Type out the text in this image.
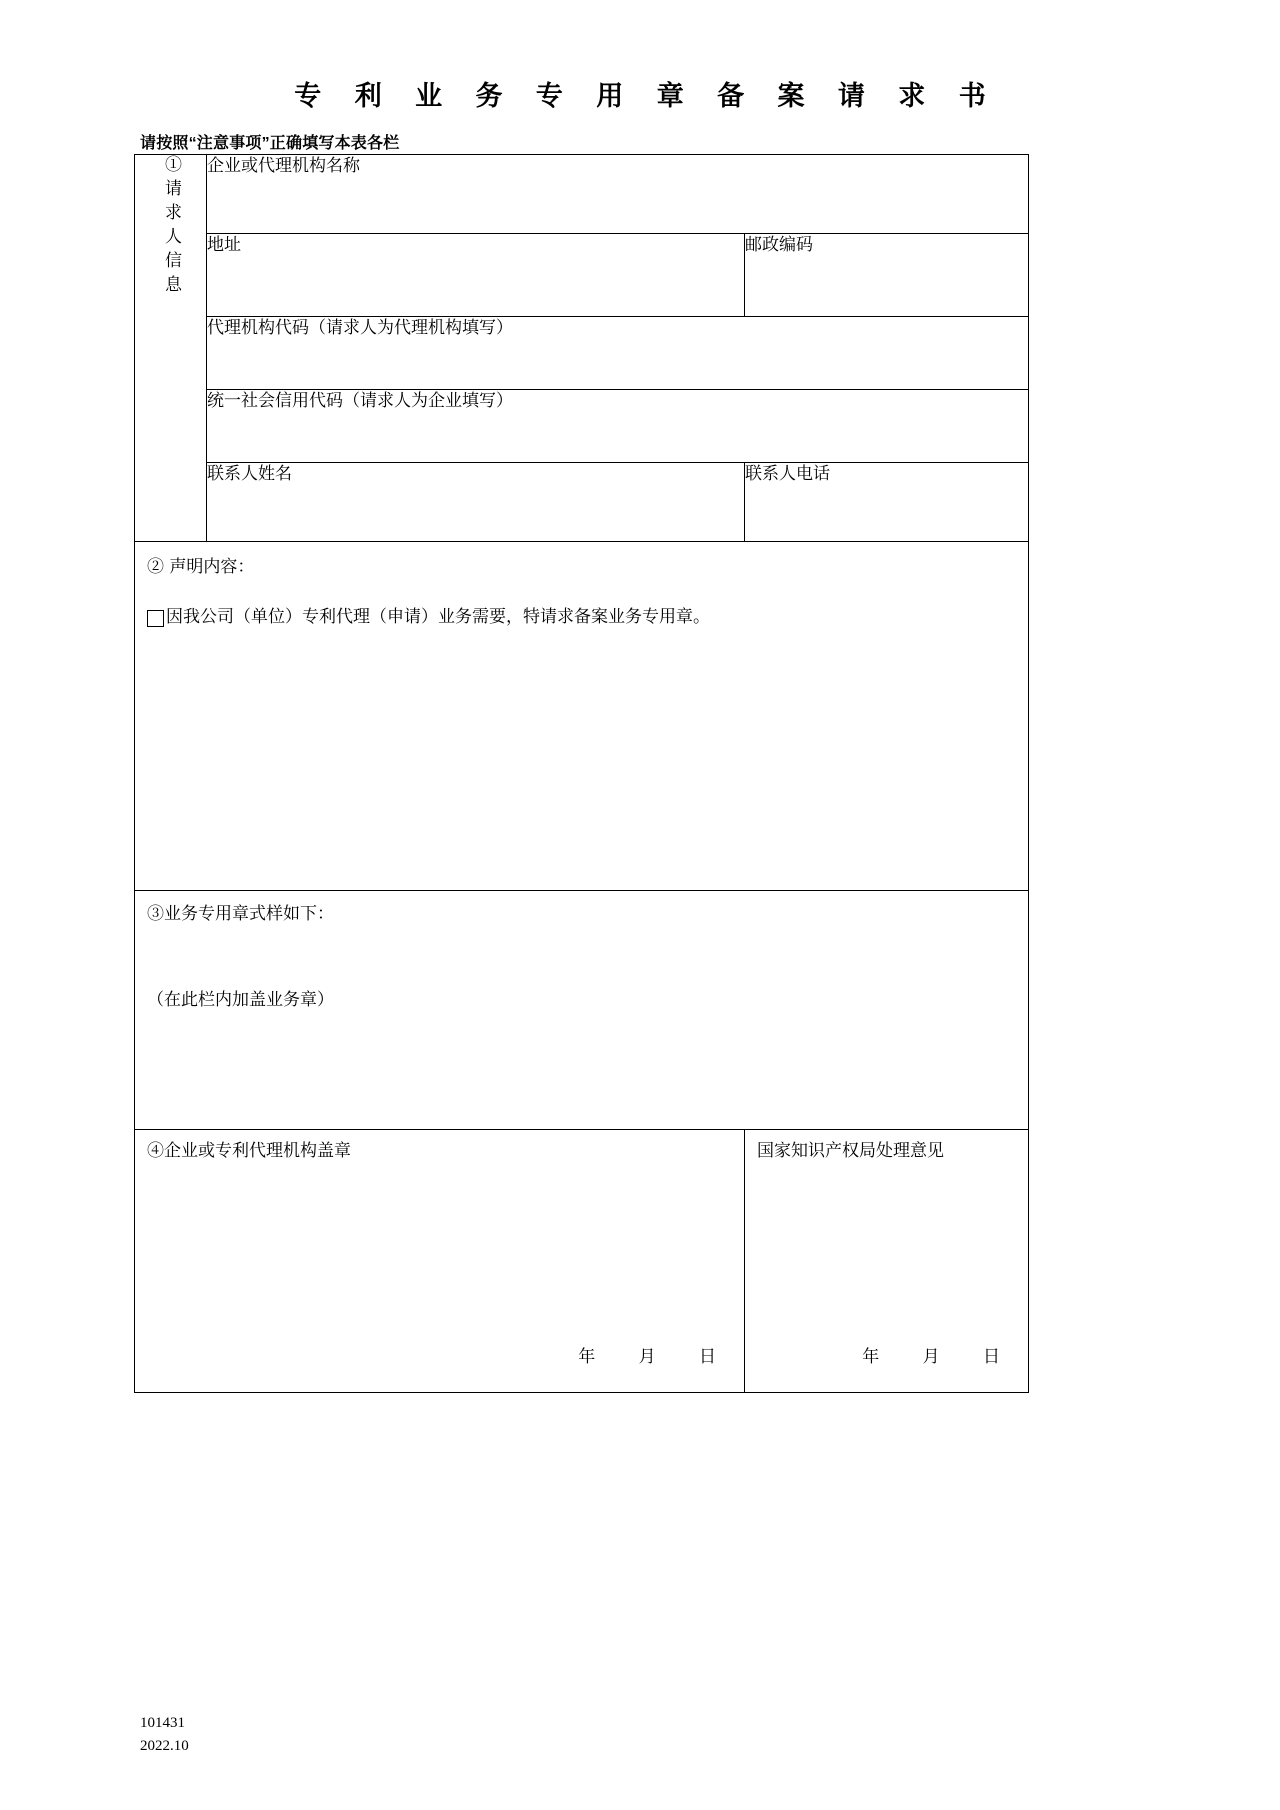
专 利 业 务 专 用 章 备 案 请 求 书
请按照“注意事项”正确填写本表各栏
①请求人信息	企业或代理机构名称	
	地址	邮政编码
	代理机构代码（请求人为代理机构填写）	
	统一社会信用代码（请求人为企业填写）	
	联系人姓名	联系人电话

② 声明内容：
因我公司（单位）专利代理（申请）业务需要，特请求备案业务专用章。		

③业务专用章式样如下：
（在此栏内加盖业务章）		

④企业或专利代理机构盖章
年	月	日

国家知识产权局处理意见
年	月	日
101431
2022.10
